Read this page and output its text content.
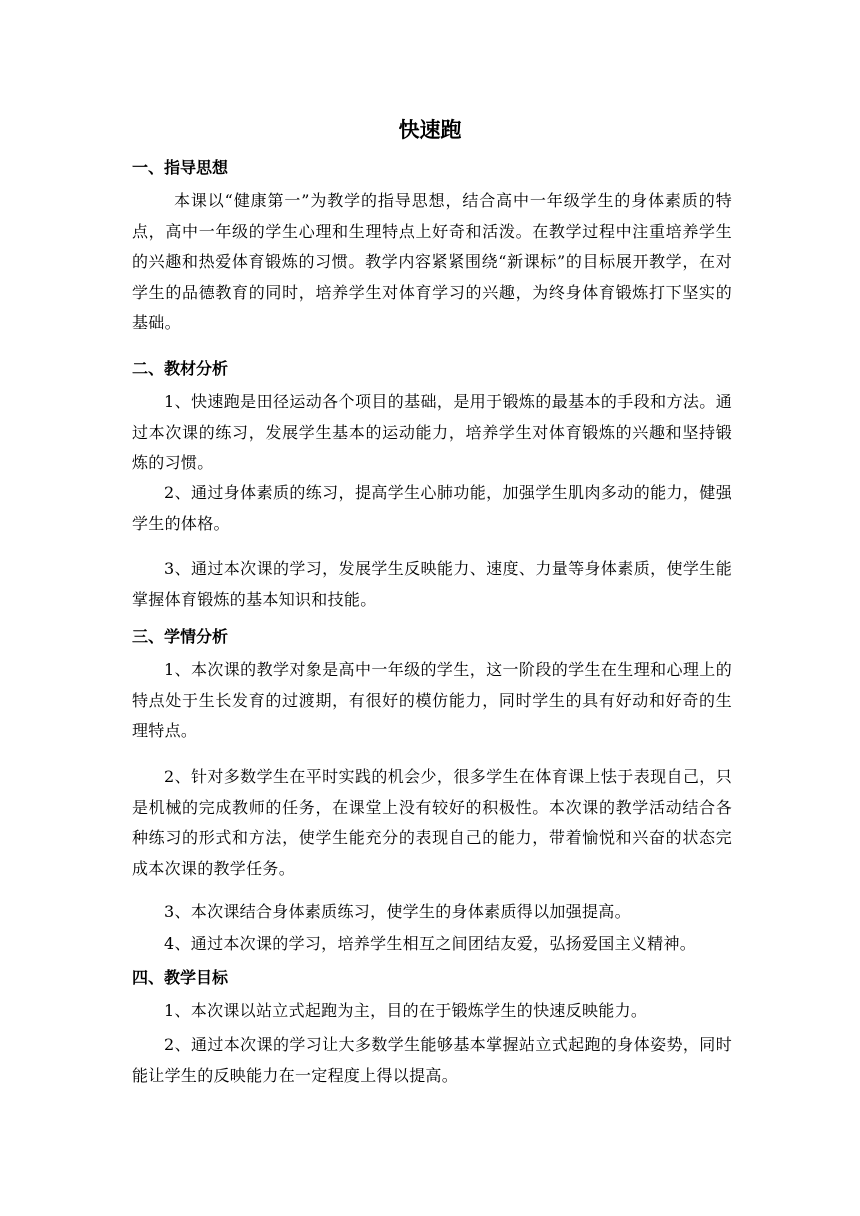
快速跑
一、指导思想
本课以“健康第一”为教学的指导思想，结合高中一年级学生的身体素质的特点，高中一年级的学生心理和生理特点上好奇和活泼。在教学过程中注重培养学生的兴趣和热爱体育锻炼的习惯。教学内容紧紧围绕“新课标”的目标展开教学，在对学生的品德教育的同时，培养学生对体育学习的兴趣，为终身体育锻炼打下坚实的基础。
二、教材分析
1、快速跑是田径运动各个项目的基础，是用于锻炼的最基本的手段和方法。通过本次课的练习，发展学生基本的运动能力，培养学生对体育锻炼的兴趣和坚持锻炼的习惯。
2、通过身体素质的练习，提高学生心肺功能，加强学生肌肉多动的能力，健强学生的体格。
3、通过本次课的学习，发展学生反映能力、速度、力量等身体素质，使学生能掌握体育锻炼的基本知识和技能。
三、学情分析
1、本次课的教学对象是高中一年级的学生，这一阶段的学生在生理和心理上的特点处于生长发育的过渡期，有很好的模仿能力，同时学生的具有好动和好奇的生理特点。
2、针对多数学生在平时实践的机会少，很多学生在体育课上怯于表现自己，只是机械的完成教师的任务，在课堂上没有较好的积极性。本次课的教学活动结合各种练习的形式和方法，使学生能充分的表现自己的能力，带着愉悦和兴奋的状态完成本次课的教学任务。
3、本次课结合身体素质练习，使学生的身体素质得以加强提高。
4、通过本次课的学习，培养学生相互之间团结友爱，弘扬爱国主义精神。
四、教学目标
1、本次课以站立式起跑为主，目的在于锻炼学生的快速反映能力。
2、通过本次课的学习让大多数学生能够基本掌握站立式起跑的身体姿势，同时能让学生的反映能力在一定程度上得以提高。
